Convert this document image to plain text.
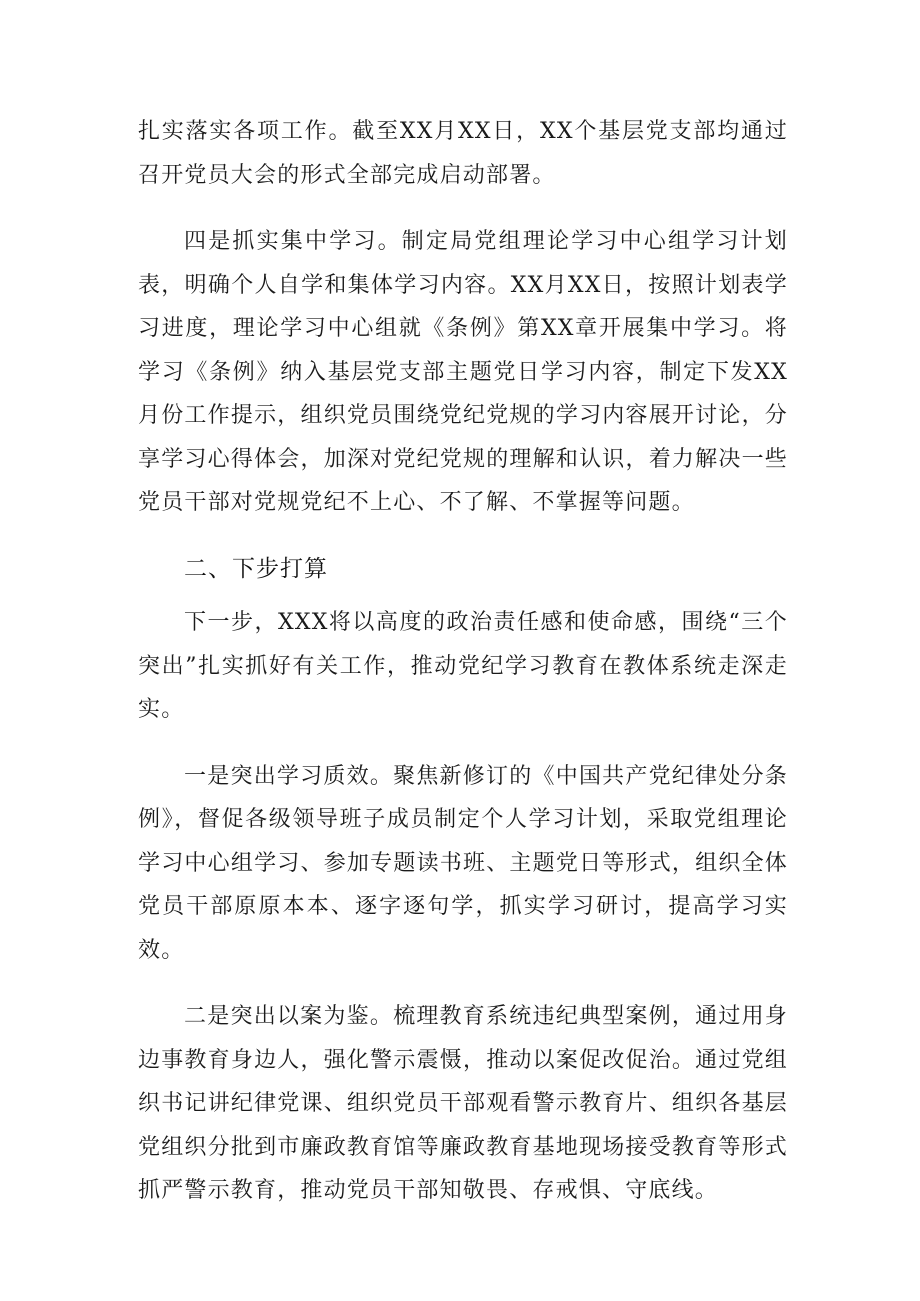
扎实落实各项工作。截至XX月XX日，XX个基层党支部均通过召开党员大会的形式全部完成启动部署。

四是抓实集中学习。制定局党组理论学习中心组学习计划表，明确个人自学和集体学习内容。XX月XX日，按照计划表学习进度，理论学习中心组就《条例》第XX章开展集中学习。将学习《条例》纳入基层党支部主题党日学习内容，制定下发XX月份工作提示，组织党员围绕党纪党规的学习内容展开讨论，分享学习心得体会，加深对党纪党规的理解和认识，着力解决一些党员干部对党规党纪不上心、不了解、不掌握等问题。

二、下步打算

下一步，XXX将以高度的政治责任感和使命感，围绕“三个突出”扎实抓好有关工作，推动党纪学习教育在教体系统走深走实。

一是突出学习质效。聚焦新修订的《中国共产党纪律处分条例》，督促各级领导班子成员制定个人学习计划，采取党组理论学习中心组学习、参加专题读书班、主题党日等形式，组织全体党员干部原原本本、逐字逐句学，抓实学习研讨，提高学习实效。

二是突出以案为鉴。梳理教育系统违纪典型案例，通过用身边事教育身边人，强化警示震慑，推动以案促改促治。通过党组织书记讲纪律党课、组织党员干部观看警示教育片、组织各基层党组织分批到市廉政教育馆等廉政教育基地现场接受教育等形式抓严警示教育，推动党员干部知敬畏、存戒惧、守底线。
